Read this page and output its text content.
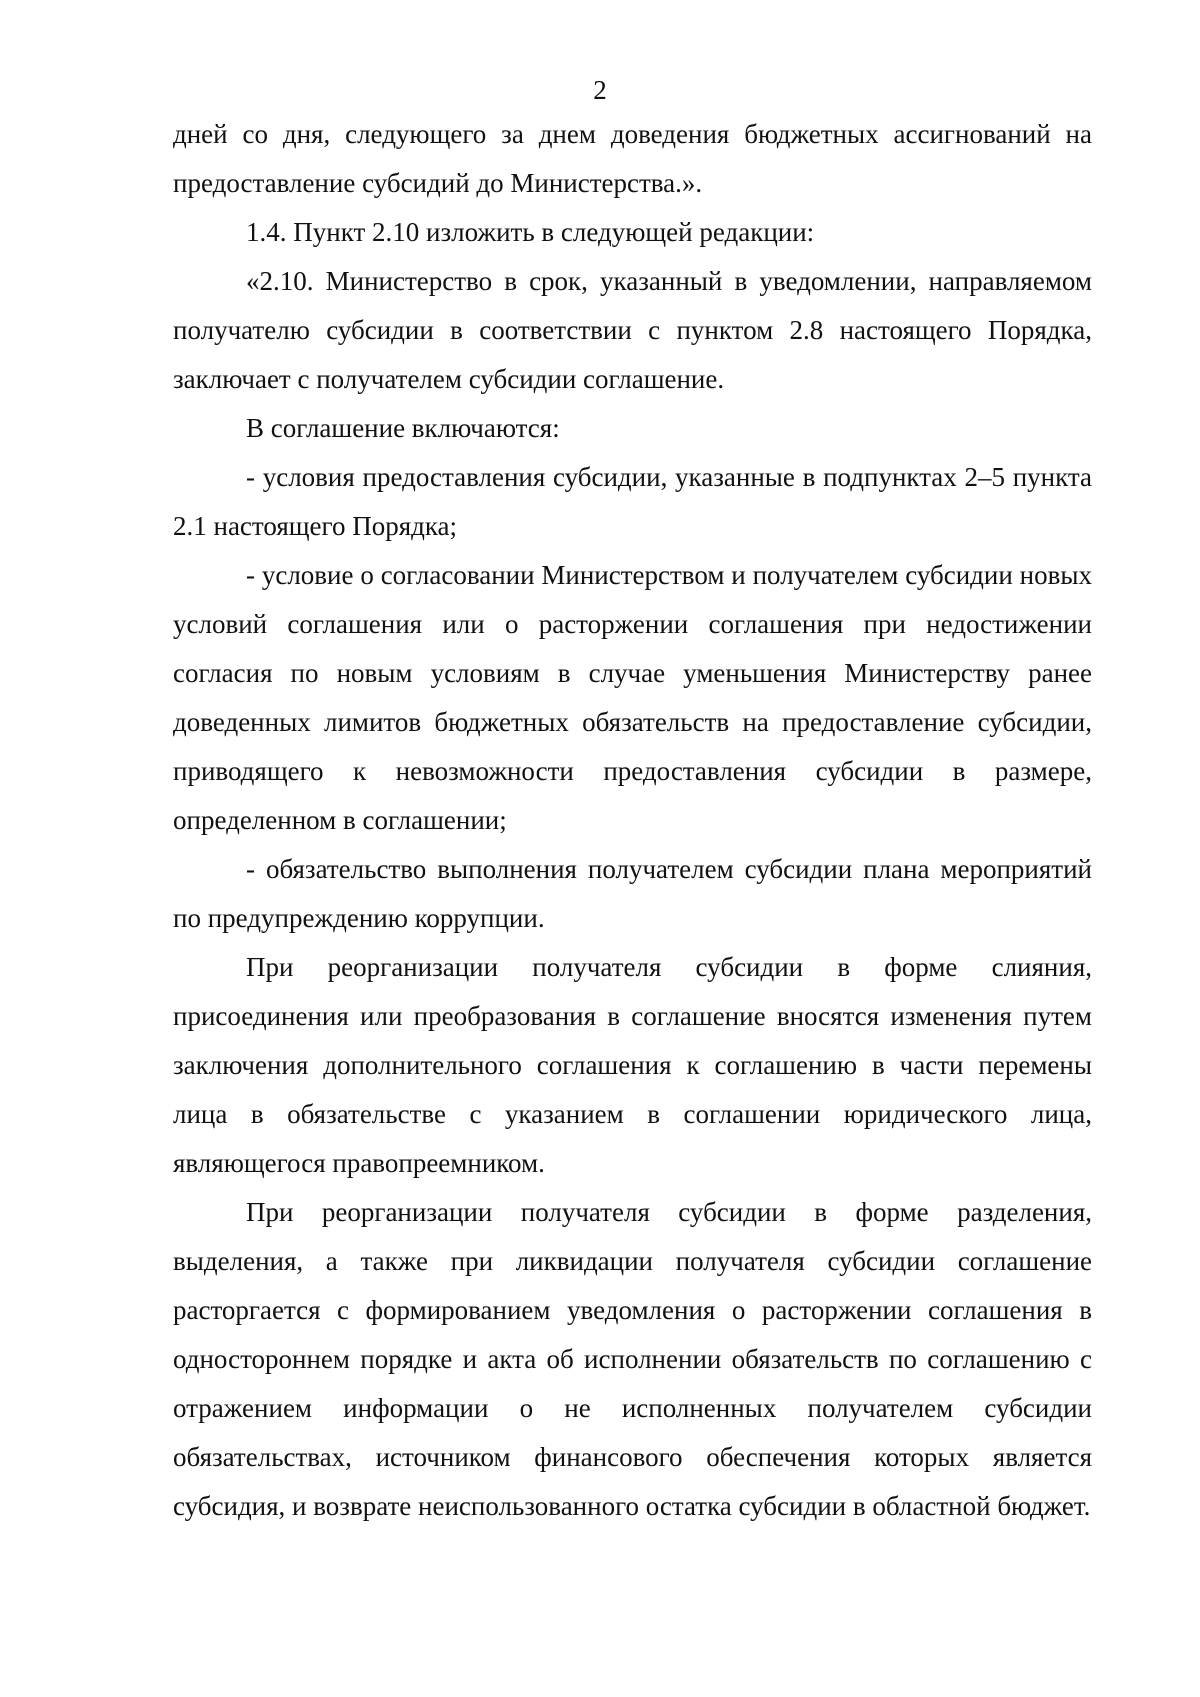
2

дней со дня, следующего за днем доведения бюджетных ассигнований на предоставление субсидий до Министерства.».

1.4. Пункт 2.10 изложить в следующей редакции:

«2.10. Министерство в срок, указанный в уведомлении, направляемом получателю субсидии в соответствии с пунктом 2.8 настоящего Порядка, заключает с получателем субсидии соглашение.

В соглашение включаются:

- условия предоставления субсидии, указанные в подпунктах 2–5 пункта 2.1 настоящего Порядка;

- условие о согласовании Министерством и получателем субсидии новых условий соглашения или о расторжении соглашения при недостижении согласия по новым условиям в случае уменьшения Министерству ранее доведенных лимитов бюджетных обязательств на предоставление субсидии, приводящего к невозможности предоставления субсидии в размере, определенном в соглашении;

- обязательство выполнения получателем субсидии плана мероприятий по предупреждению коррупции.

При реорганизации получателя субсидии в форме слияния, присоединения или преобразования в соглашение вносятся изменения путем заключения дополнительного соглашения к соглашению в части перемены лица в обязательстве с указанием в соглашении юридического лица, являющегося правопреемником.

При реорганизации получателя субсидии в форме разделения, выделения, а также при ликвидации получателя субсидии соглашение расторгается с формированием уведомления о расторжении соглашения в одностороннем порядке и акта об исполнении обязательств по соглашению с отражением информации о не исполненных получателем субсидии обязательствах, источником финансового обеспечения которых является субсидия, и возврате неиспользованного остатка субсидии в областной бюджет.
